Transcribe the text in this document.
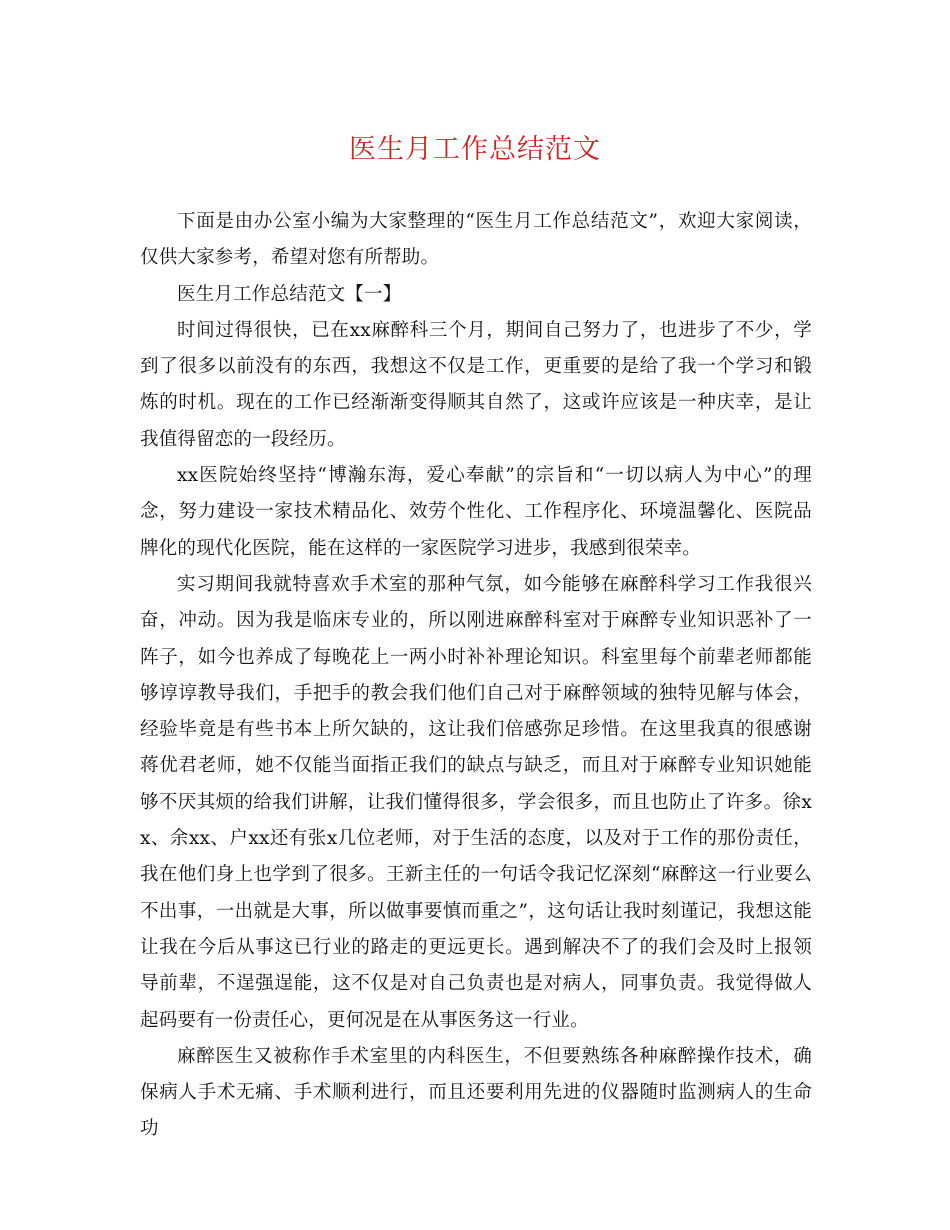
医生月工作总结范文

下面是由办公室小编为大家整理的“医生月工作总结范文”，欢迎大家阅读，仅供大家参考，希望对您有所帮助。

医生月工作总结范文【一】

时间过得很快，已在xx麻醉科三个月，期间自己努力了，也进步了不少，学到了很多以前没有的东西，我想这不仅是工作，更重要的是给了我一个学习和锻炼的时机。现在的工作已经渐渐变得顺其自然了，这或许应该是一种庆幸，是让我值得留恋的一段经历。

xx医院始终坚持“博瀚东海，爱心奉献”的宗旨和“一切以病人为中心”的理念，努力建设一家技术精品化、效劳个性化、工作程序化、环境温馨化、医院品牌化的现代化医院，能在这样的一家医院学习进步，我感到很荣幸。

实习期间我就特喜欢手术室的那种气氛，如今能够在麻醉科学习工作我很兴奋，冲动。因为我是临床专业的，所以刚进麻醉科室对于麻醉专业知识恶补了一阵子，如今也养成了每晚花上一两小时补补理论知识。科室里每个前辈老师都能够谆谆教导我们，手把手的教会我们他们自己对于麻醉领域的独特见解与体会，经验毕竟是有些书本上所欠缺的，这让我们倍感弥足珍惜。在这里我真的很感谢蒋优君老师，她不仅能当面指正我们的缺点与缺乏，而且对于麻醉专业知识她能够不厌其烦的给我们讲解，让我们懂得很多，学会很多，而且也防止了许多。徐xx、余xx、户xx还有张x几位老师，对于生活的态度，以及对于工作的那份责任，我在他们身上也学到了很多。王新主任的一句话令我记忆深刻“麻醉这一行业要么不出事，一出就是大事，所以做事要慎而重之”，这句话让我时刻谨记，我想这能让我在今后从事这已行业的路走的更远更长。遇到解决不了的我们会及时上报领导前辈，不逞强逞能，这不仅是对自己负责也是对病人，同事负责。我觉得做人起码要有一份责任心，更何况是在从事医务这一行业。

麻醉医生又被称作手术室里的内科医生，不但要熟练各种麻醉操作技术，确保病人手术无痛、手术顺利进行，而且还要利用先进的仪器随时监测病人的生命功
